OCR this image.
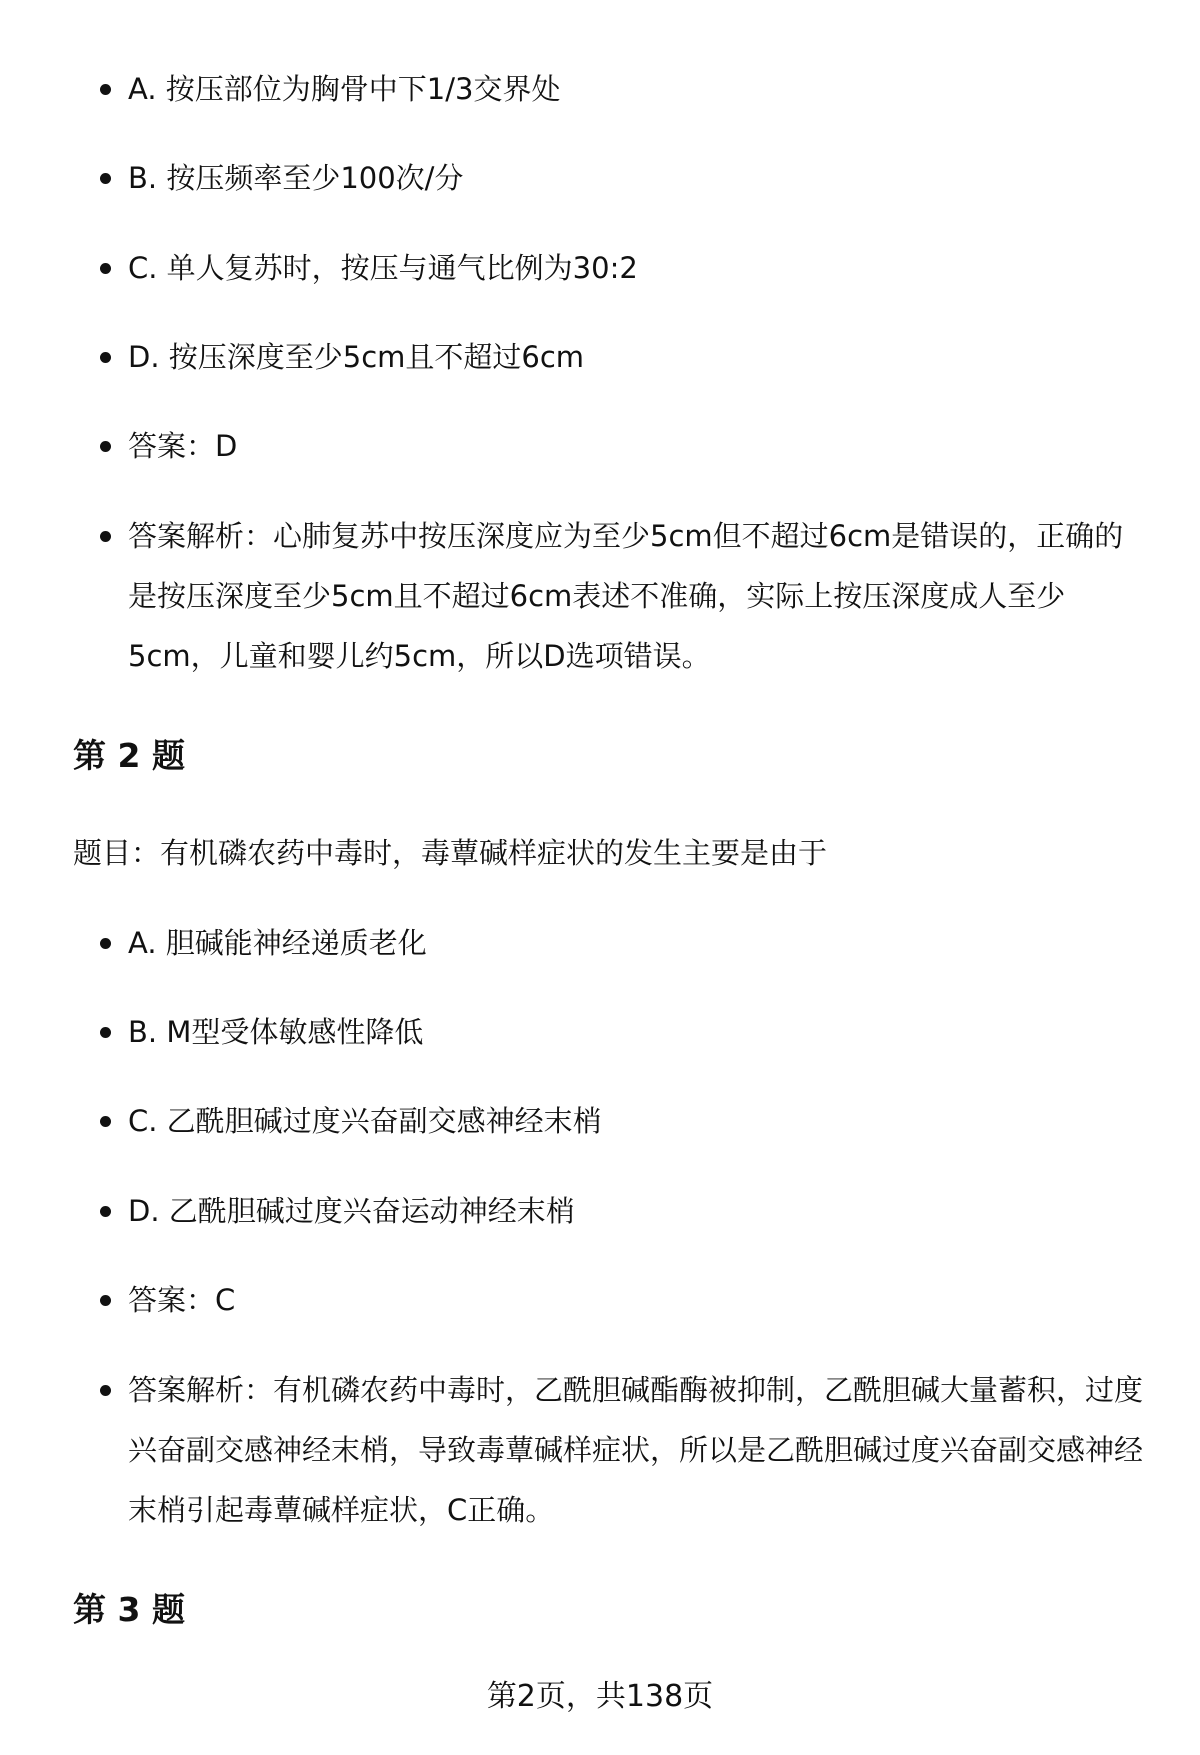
A. 按压部位为胸骨中下1/3交界处
B. 按压频率至少100次/分
C. 单人复苏时，按压与通气比例为30:2
D. 按压深度至少5cm且不超过6cm
答案：D
答案解析：心肺复苏中按压深度应为至少5cm但不超过6cm是错误的，正确的是按压深度至少5cm且不超过6cm表述不准确，实际上按压深度成人至少5cm，儿童和婴儿约5cm，所以D选项错误。
第 2 题
题目：有机磷农药中毒时，毒蕈碱样症状的发生主要是由于
A. 胆碱能神经递质老化
B. M型受体敏感性降低
C. 乙酰胆碱过度兴奋副交感神经末梢
D. 乙酰胆碱过度兴奋运动神经末梢
答案：C
答案解析：有机磷农药中毒时，乙酰胆碱酯酶被抑制，乙酰胆碱大量蓄积，过度兴奋副交感神经末梢，导致毒蕈碱样症状，所以是乙酰胆碱过度兴奋副交感神经末梢引起毒蕈碱样症状，C正确。
第 3 题
第2页，共138页
